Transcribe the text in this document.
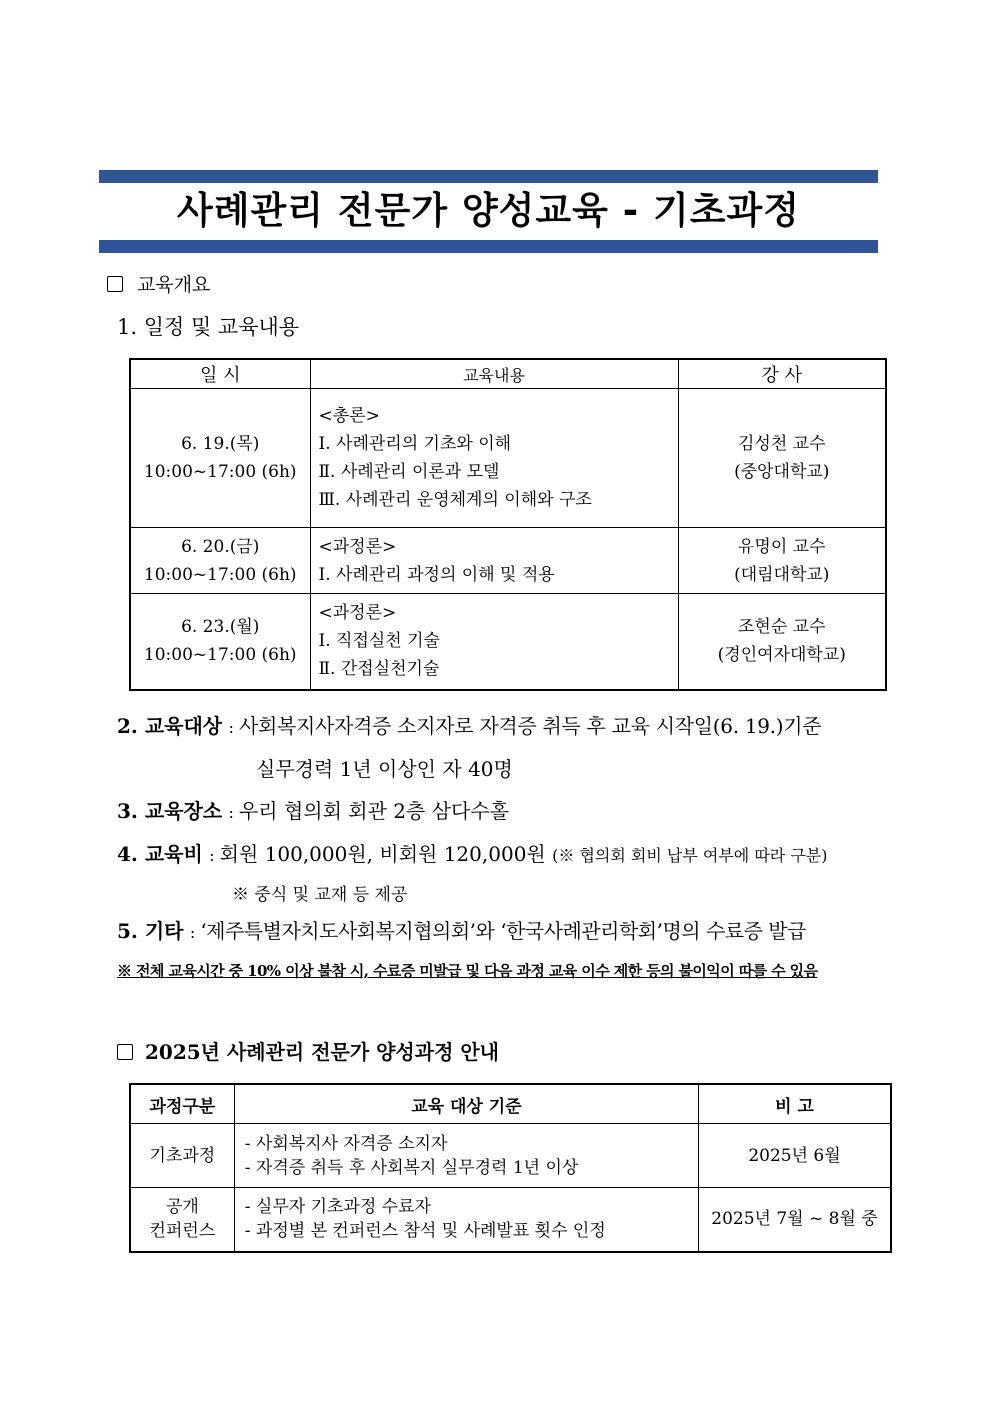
사례관리 전문가 양성교육 - 기초과정
교육개요
1. 일정 및 교육내용
일 시	교육내용	강 사

6. 19.(목)
10:00~17:00 (6h)	<총론>
Ⅰ. 사례관리의 기초와 이해
Ⅱ. 사례관리 이론과 모델
Ⅲ. 사례관리 운영체계의 이해와 구조	김성천 교수
(중앙대학교)

6. 20.(금)
10:00~17:00 (6h)	<과정론>
Ⅰ. 사례관리 과정의 이해 및 적용	유명이 교수
(대림대학교)

6. 23.(월)
10:00~17:00 (6h)	<과정론>
Ⅰ. 직접실천 기술
Ⅱ. 간접실천기술	조현순 교수
(경인여자대학교)
2. 교육대상 : 사회복지사자격증 소지자로 자격증 취득 후 교육 시작일(6. 19.)기준
실무경력 1년 이상인 자 40명
3. 교육장소 : 우리 협의회 회관 2층 삼다수홀
4. 교육비 : 회원 100,000원, 비회원 120,000원 (※ 협의회 회비 납부 여부에 따라 구분)
※ 중식 및 교재 등 제공
5. 기타 : ‘제주특별자치도사회복지협의회’와 ‘한국사례관리학회’명의 수료증 발급
※ 전체 교육시간 중 10% 이상 불참 시, 수료증 미발급 및 다음 과정 교육 이수 제한 등의 불이익이 따를 수 있음
2025년 사례관리 전문가 양성과정 안내
과정구분	교육 대상 기준	비 고

기초과정	- 사회복지사 자격증 소지자
- 자격증 취득 후 사회복지 실무경력 1년 이상	2025년 6월

공개
컨퍼런스	- 실무자 기초과정 수료자
- 과정별 본 컨퍼런스 참석 및 사례발표 횟수 인정	2025년 7월 ~ 8월 중
